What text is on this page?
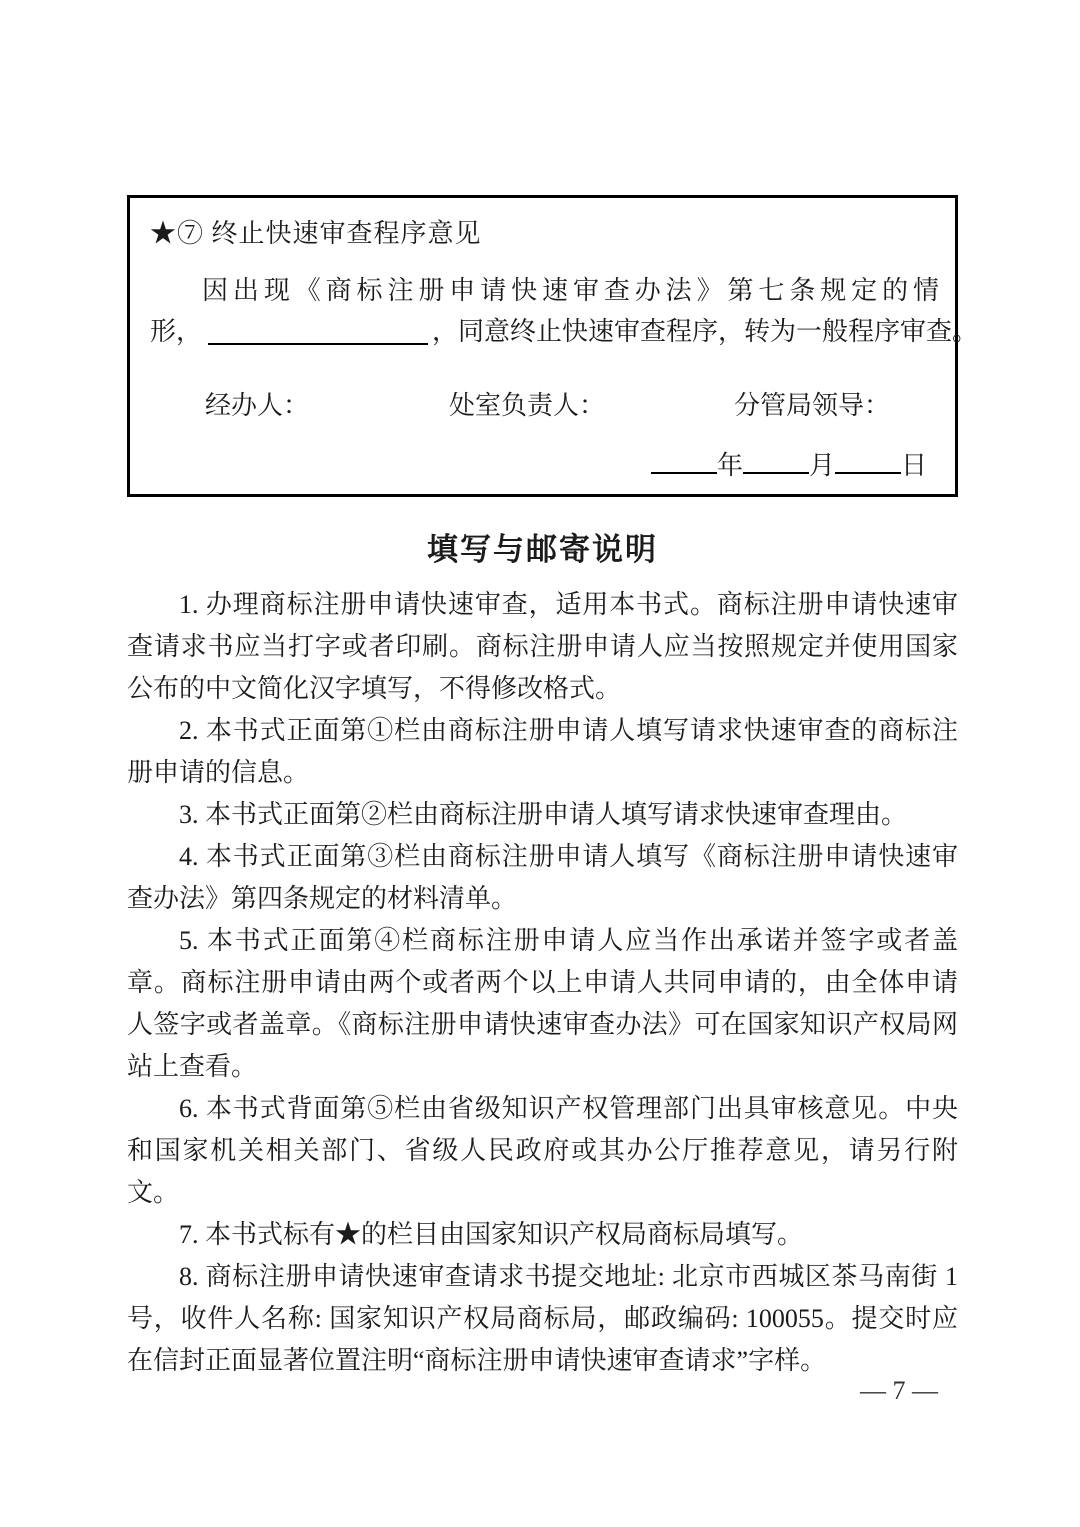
★⑦ 终止快速审查程序意见
因出现《商标注册申请快速审查办法》第七条规定的情
形，	，同意终止快速审查程序，转为一般程序审查。
经办人：	处室负责人：	分管局领导：
年	月	日
填写与邮寄说明

1. 办理商标注册申请快速审查，适用本书式。商标注册申请快速审查请求书应当打字或者印刷。商标注册申请人应当按照规定并使用国家公布的中文简化汉字填写，不得修改格式。

2. 本书式正面第①栏由商标注册申请人填写请求快速审查的商标注册申请的信息。

3. 本书式正面第②栏由商标注册申请人填写请求快速审查理由。

4. 本书式正面第③栏由商标注册申请人填写《商标注册申请快速审查办法》第四条规定的材料清单。

5. 本书式正面第④栏商标注册申请人应当作出承诺并签字或者盖章。商标注册申请由两个或者两个以上申请人共同申请的，由全体申请人签字或者盖章。《商标注册申请快速审查办法》可在国家知识产权局网站上查看。

6. 本书式背面第⑤栏由省级知识产权管理部门出具审核意见。中央和国家机关相关部门、省级人民政府或其办公厅推荐意见，请另行附文。

7. 本书式标有★的栏目由国家知识产权局商标局填写。

8. 商标注册申请快速审查请求书提交地址: 北京市西城区茶马南街 1 号，收件人名称: 国家知识产权局商标局，邮政编码: 100055。提交时应在信封正面显著位置注明“商标注册申请快速审查请求”字样。

— 7 —
